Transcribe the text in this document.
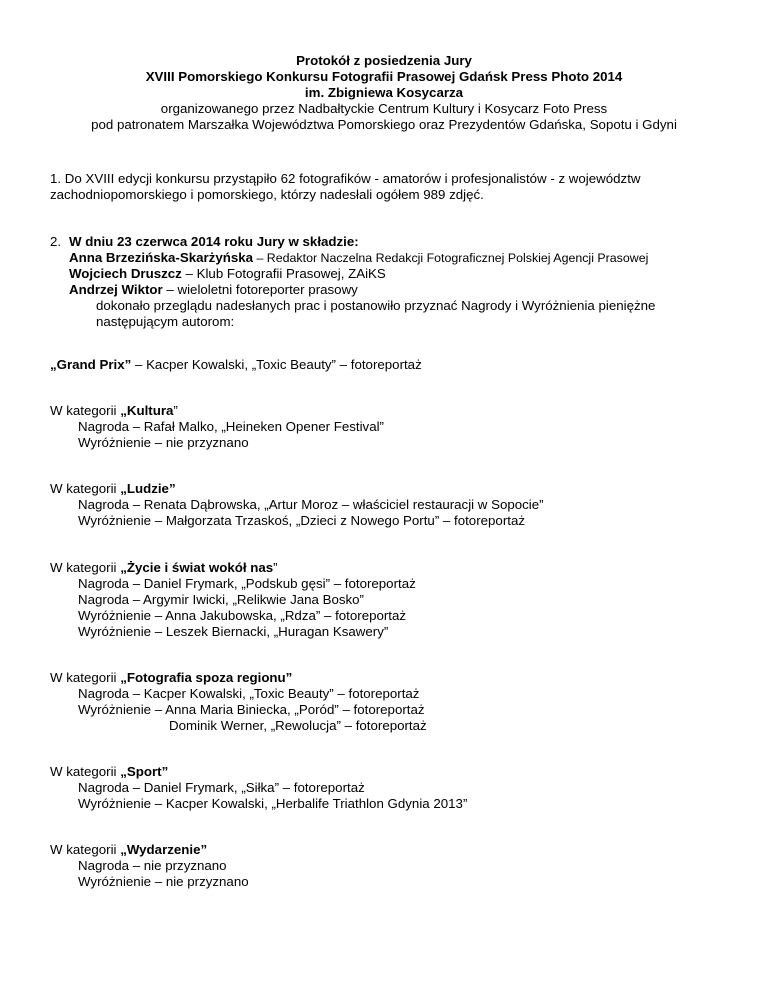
Protokół z posiedzenia Jury
XVIII Pomorskiego Konkursu Fotografii Prasowej Gdańsk Press Photo 2014
im. Zbigniewa Kosycarza
organizowanego przez Nadbałtyckie Centrum Kultury i Kosycarz Foto Press
pod patronatem Marszałka Województwa Pomorskiego oraz Prezydentów Gdańska, Sopotu i Gdyni
1. Do XVIII edycji konkursu przystąpiło 62 fotografików - amatorów i profesjonalistów - z województw
zachodniopomorskiego i pomorskiego, którzy nadesłali ogółem 989 zdjęć.
2. W dniu 23 czerwca 2014 roku Jury w składzie:
Anna Brzezińska-Skarżyńska – Redaktor Naczelna Redakcji Fotograficznej Polskiej Agencji Prasowej
Wojciech Druszcz – Klub Fotografii Prasowej, ZAiKS
Andrzej Wiktor – wieloletni fotoreporter prasowy
dokonało przeglądu nadesłanych prac i postanowiło przyznać Nagrody i Wyróżnienia pieniężne
następującym autorom:
„Grand Prix” – Kacper Kowalski, „Toxic Beauty” – fotoreportaż
W kategorii „Kultura”
Nagroda – Rafał Malko, „Heineken Opener Festival”
Wyróżnienie – nie przyznano
W kategorii „Ludzie”
Nagroda – Renata Dąbrowska, „Artur Moroz – właściciel restauracji w Sopocie”
Wyróżnienie – Małgorzata Trzaskoś, „Dzieci z Nowego Portu” – fotoreportaż
W kategorii „Życie i świat wokół nas”
Nagroda – Daniel Frymark, „Podskub gęsi” – fotoreportaż
Nagroda – Argymir Iwicki, „Relikwie Jana Bosko”
Wyróżnienie – Anna Jakubowska, „Rdza” – fotoreportaż
Wyróżnienie – Leszek Biernacki, „Huragan Ksawery”
W kategorii „Fotografia spoza regionu”
Nagroda – Kacper Kowalski, „Toxic Beauty” – fotoreportaż
Wyróżnienie – Anna Maria Biniecka, „Poród” – fotoreportaż
Dominik Werner, „Rewolucja” – fotoreportaż
W kategorii „Sport”
Nagroda – Daniel Frymark, „Siłka” – fotoreportaż
Wyróżnienie – Kacper Kowalski, „Herbalife Triathlon Gdynia 2013”
W kategorii „Wydarzenie”
Nagroda – nie przyznano
Wyróżnienie – nie przyznano
